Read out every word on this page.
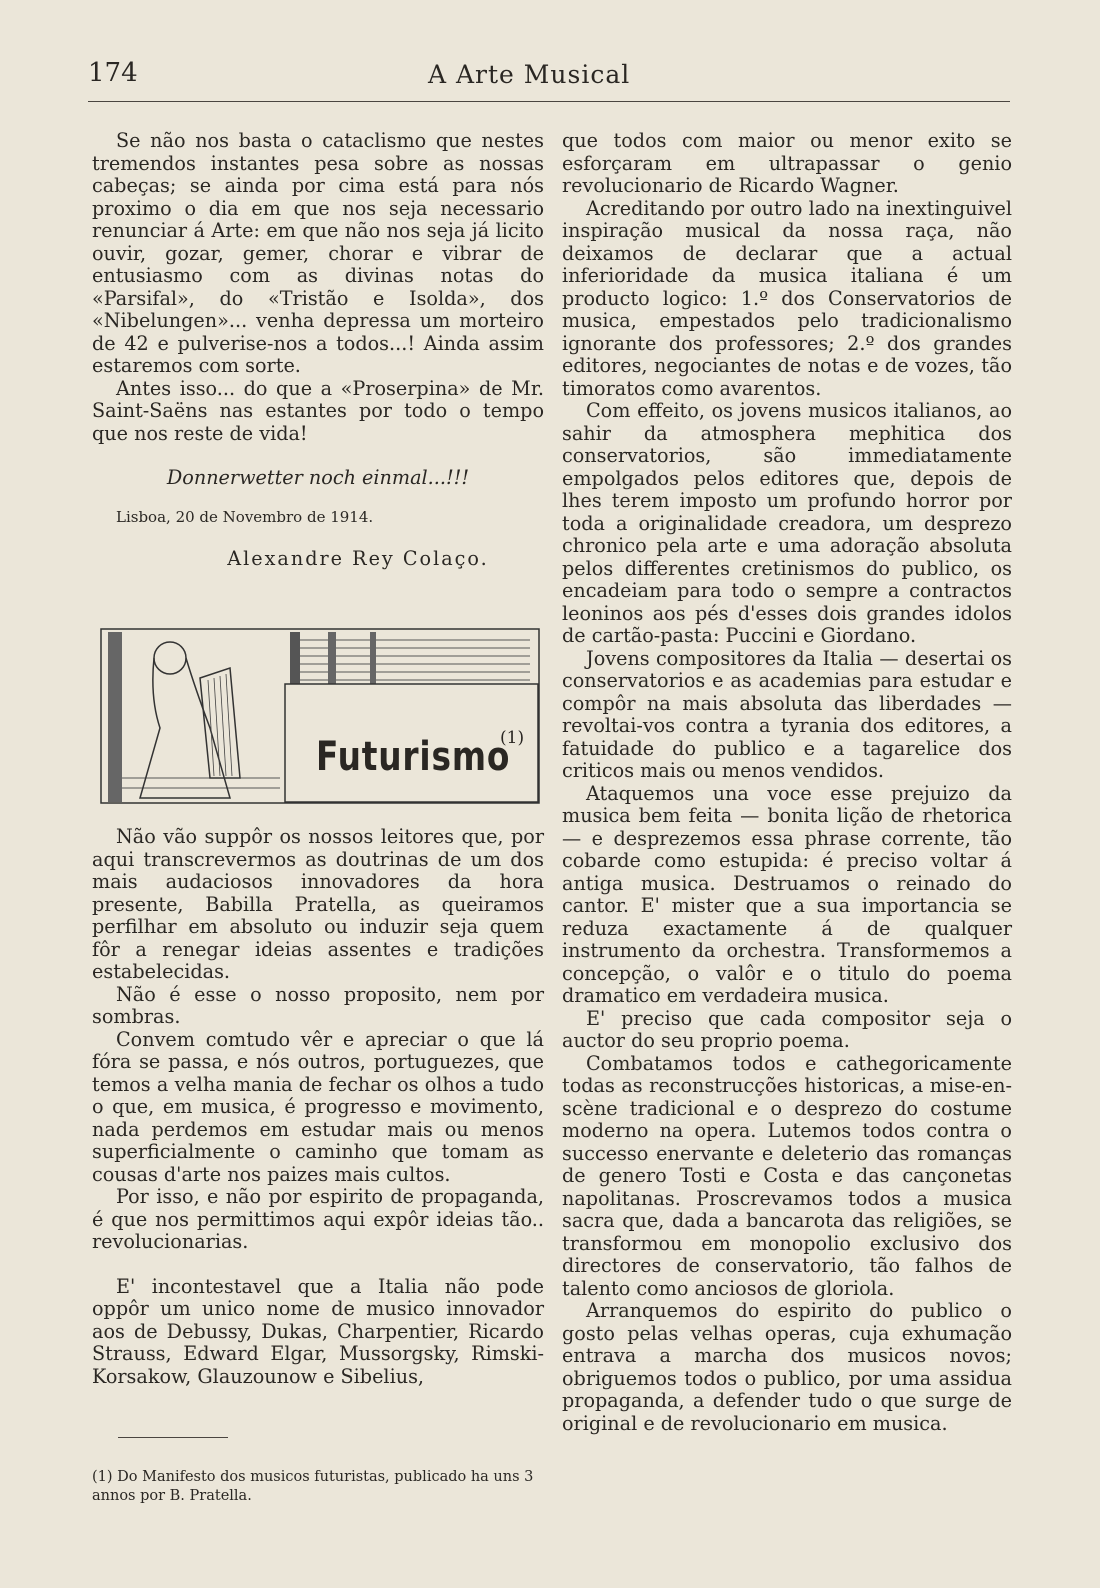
174	A Arte Musical

Se não nos basta o cataclismo que nestes tremendos instantes pesa sobre as nossas cabeças; se ainda por cima está para nós proximo o dia em que nos seja necessario renunciar á Arte: em que não nos seja já licito ouvir, gozar, gemer, chorar e vibrar de entusiasmo com as divinas notas do «Parsifal», do «Tristão e Isolda», dos «Nibelungen»... venha depressa um morteiro de 42 e pulverise-nos a todos...! Ainda assim estaremos com sorte.

Antes isso... do que a «Proserpina» de Mr. Saint-Saëns nas estantes por todo o tempo que nos reste de vida!

Donnerwetter noch einmal...!!!

Lisboa, 20 de Novembro de 1914.

Alexandre Rey Colaço.

Futurismo
(1)

Não vão suppôr os nossos leitores que, por aqui transcrevermos as doutrinas de um dos mais audaciosos innovadores da hora presente, Babilla Pratella, as queiramos perfilhar em absoluto ou induzir seja quem fôr a renegar ideias assentes e tradições estabelecidas.

Não é esse o nosso proposito, nem por sombras.

Convem comtudo vêr e apreciar o que lá fóra se passa, e nós outros, portuguezes, que temos a velha mania de fechar os olhos a tudo o que, em musica, é progresso e movimento, nada perdemos em estudar mais ou menos superficialmente o caminho que tomam as cousas d'arte nos paizes mais cultos.

Por isso, e não por espirito de propaganda, é que nos permittimos aqui expôr ideias tão.. revolucionarias.

E' incontestavel que a Italia não pode oppôr um unico nome de musico innovador aos de Debussy, Dukas, Charpentier, Ricardo Strauss, Edward Elgar, Mussorgsky, Rimski-Korsakow, Glauzounow e Sibelius,

(1) Do Manifesto dos musicos futuristas, publicado ha uns 3 annos por B. Pratella.

que todos com maior ou menor exito se esforçaram em ultrapassar o genio revolucionario de Ricardo Wagner.

Acreditando por outro lado na inextinguivel inspiração musical da nossa raça, não deixamos de declarar que a actual inferioridade da musica italiana é um producto logico: 1.º dos Conservatorios de musica, empestados pelo tradicionalismo ignorante dos professores; 2.º dos grandes editores, negociantes de notas e de vozes, tão timoratos como avarentos.

Com effeito, os jovens musicos italianos, ao sahir da atmosphera mephitica dos conservatorios, são immediatamente empolgados pelos editores que, depois de lhes terem imposto um profundo horror por toda a originalidade creadora, um desprezo chronico pela arte e uma adoração absoluta pelos differentes cretinismos do publico, os encadeiam para todo o sempre a contractos leoninos aos pés d'esses dois grandes idolos de cartão-pasta: Puccini e Giordano.

Jovens compositores da Italia — desertai os conservatorios e as academias para estudar e compôr na mais absoluta das liberdades — revoltai-vos contra a tyrania dos editores, a fatuidade do publico e a tagarelice dos criticos mais ou menos vendidos.

Ataquemos una voce esse prejuizo da musica bem feita — bonita lição de rhetorica — e desprezemos essa phrase corrente, tão cobarde como estupida: é preciso voltar á antiga musica. Destruamos o reinado do cantor. E' mister que a sua importancia se reduza exactamente á de qualquer instrumento da orchestra. Transformemos a concepção, o valôr e o titulo do poema dramatico em verdadeira musica.

E' preciso que cada compositor seja o auctor do seu proprio poema.

Combatamos todos e cathegoricamente todas as reconstrucções historicas, a mise-en-scène tradicional e o desprezo do costume moderno na opera. Lutemos todos contra o successo enervante e deleterio das romanças de genero Tosti e Costa e das cançonetas napolitanas. Proscrevamos todos a musica sacra que, dada a bancarota das religiões, se transformou em monopolio exclusivo dos directores de conservatorio, tão falhos de talento como anciosos de gloriola.

Arranquemos do espirito do publico o gosto pelas velhas operas, cuja exhumação entrava a marcha dos musicos novos; obriguemos todos o publico, por uma assidua propaganda, a defender tudo o que surge de original e de revolucionario em musica.
